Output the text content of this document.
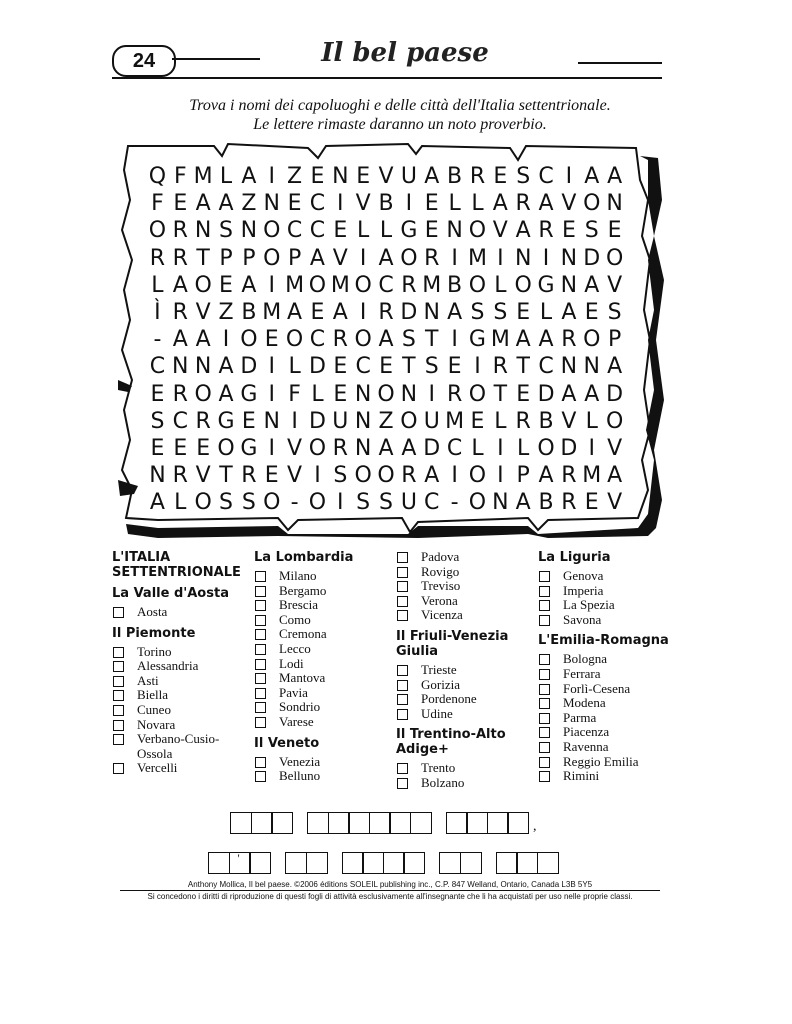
24	Il bel paese
Trova i nomi dei capoluoghi e delle città dell'Italia settentrionale.
Le lettere rimaste daranno un noto proverbio.
Q F M L A I Z E N E V U A B R E S C I A A
F E A A Z N E C I V B I E L L A R A V O N
O R N S N O C C E L L G E N O V A R E S E
R R T P P O P A V I A O R I M I N I N D O
L A O E A I M O M O C R M B O L O G N A V
Ì R V Z B M A E A I R D N A S S E L A E S
- A A I O E O C R O A S T I G M A A R O P
C N N A D I L D E C E T S E I R T C N N A
E R O A G I F L E N O N I R O T E D A A D
S C R G E N I D U N Z O U M E L R B V L O
E E E O G I V O R N A A D C L I L O D I V
N R V T R E V I S O O R A I O I P A R M A
A L O S S O - O I S S U C - O N A B R E V
L'ITALIA SETTENTRIONALE
La Valle d'Aosta
Aosta
Il Piemonte
Torino
Alessandria
Asti
Biella
Cuneo
Novara
Verbano-Cusio-Ossola
Vercelli
La Lombardia
Milano
Bergamo
Brescia
Como
Cremona
Lecco
Lodi
Mantova
Pavia
Sondrio
Varese
Il Veneto
Venezia
Belluno
Padova
Rovigo
Treviso
Verona
Vicenza
Il Friuli-Venezia Giulia
Trieste
Gorizia
Pordenone
Udine
Il Trentino-Alto Adige+
Trento
Bolzano
La Liguria
Genova
Imperia
La Spezia
Savona
L'Emilia-Romagna
Bologna
Ferrara
Forlì-Cesena
Modena
Parma
Piacenza
Ravenna
Reggio Emilia
Rimini
,
'
Anthony Mollica, Il bel paese. ©2006 éditions SOLEIL publishing inc., C.P. 847 Welland, Ontario, Canada L3B 5Y5
Si concedono i diritti di riproduzione di questi fogli di attività esclusivamente all'insegnante che li ha acquistati per uso nelle proprie classi.
